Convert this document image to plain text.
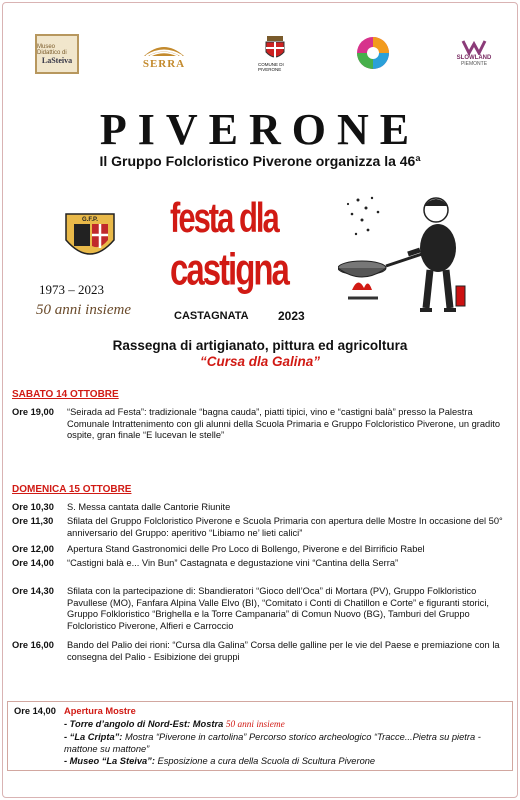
Museo Didattico di
LaSteiva	SERRA	COMUNE DI PIVERONE
SLOWLAND
PIEMONTE
PIVERONE
Il Gruppo Folcloristico Piverone organizza la 46ª
G.F.P.
1973 – 2023
50 anni insieme
festa dla
castigna
CASTAGNATA 2023
Rassegna di artigianato, pittura ed agricoltura
“Cursa dla Galina”
SABATO 14 OTTOBRE
Ore 19,00 “Seirada ad Festa”: tradizionale “bagna cauda”, piatti tipici, vino e “castigni balà” presso la Palestra Comunale Intrattenimento con gli alunni della Scuola Primaria e Gruppo Folcloristico Piverone, un gradito ospite, gran finale “E lucevan le stelle”
DOMENICA 15 OTTOBRE
Ore 10,30 S. Messa cantata dalle Cantorie Riunite
Ore 11,30 Sfilata del Gruppo Folcloristico Piverone e Scuola Primaria con apertura delle Mostre In occasione del 50° anniversario del Gruppo: aperitivo “Libiamo ne’ lieti calici”
Ore 12,00 Apertura Stand Gastronomici delle Pro Loco di Bollengo, Piverone e del Birrificio Rabel
Ore 14,00 “Castigni balà e... Vin Bun” Castagnata e degustazione vini “Cantina della Serra”
Ore 14,30 Sfilata con la partecipazione di: Sbandieratori “Gioco dell’Oca” di Mortara (PV), Gruppo Folkloristico Pavullese (MO), Fanfara Alpina Valle Elvo (BI), “Comitato i Conti di Chatillon e Corte” e figuranti storici, Gruppo Folkloristico “Brighella e la Torre Campanaria” di Comun Nuovo (BG), Tamburi del Gruppo Folcloristico Piverone, Alfieri e Carroccio
Ore 16,00 Bando del Palio dei rioni: “Cursa dla Galina” Corsa delle galline per le vie del Paese e premiazione con la consegna del Palio - Esibizione dei gruppi
Ore 14,00 Apertura Mostre
- Torre d’angolo di Nord-Est: Mostra 50 anni insieme
- “La Cripta”: Mostra “Piverone in cartolina” Percorso storico archeologico “Tracce...Pietra su pietra - mattone su mattone”
- Museo “La Steiva”: Esposizione a cura della Scuola di Scultura Piverone
